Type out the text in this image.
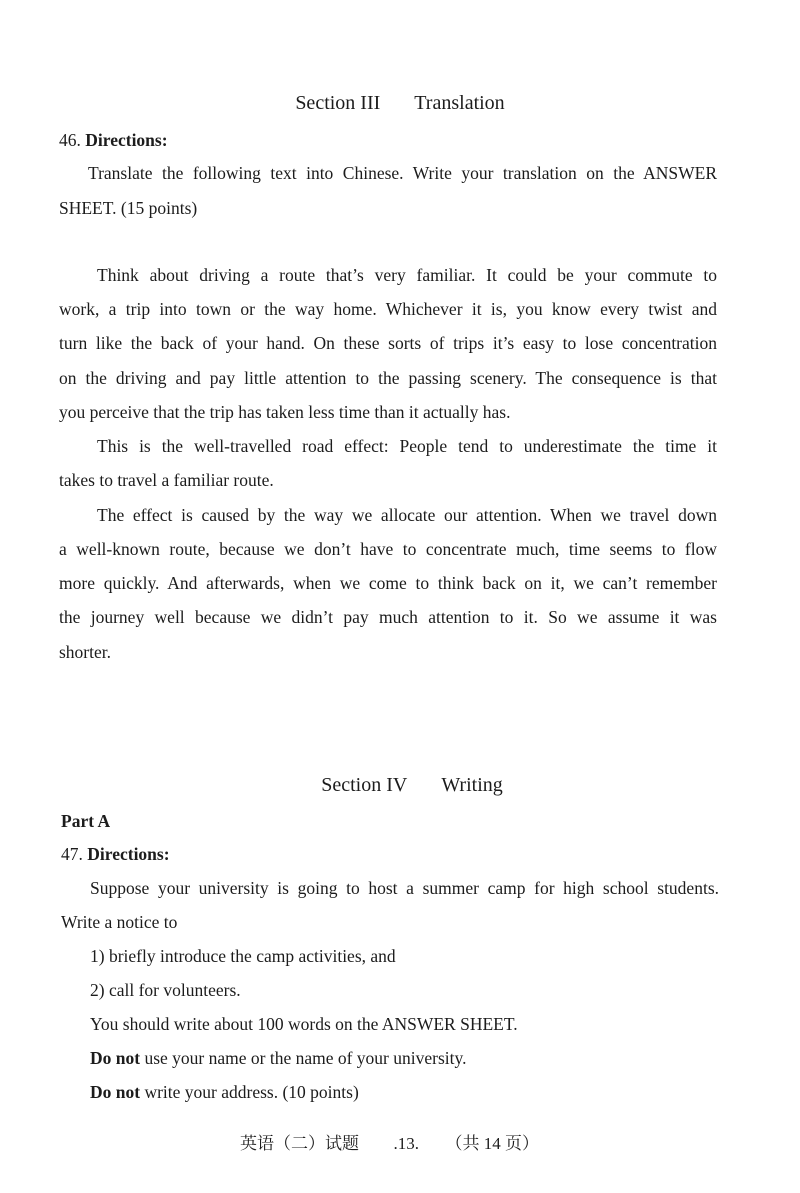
Section III Translation
46. Directions:
Translate the following text into Chinese. Write your translation on the ANSWER
SHEET. (15 points)
Think about driving a route that’s very familiar. It could be your commute to
work, a trip into town or the way home. Whichever it is, you know every twist and
turn like the back of your hand. On these sorts of trips it’s easy to lose concentration
on the driving and pay little attention to the passing scenery. The consequence is that
you perceive that the trip has taken less time than it actually has.
This is the well-travelled road effect: People tend to underestimate the time it
takes to travel a familiar route.
The effect is caused by the way we allocate our attention. When we travel down
a well-known route, because we don’t have to concentrate much, time seems to flow
more quickly. And afterwards, when we come to think back on it, we can’t remember
the journey well because we didn’t pay much attention to it. So we assume it was
shorter.
Section IV Writing
Part A
47. Directions:
Suppose your university is going to host a summer camp for high school students.
Write a notice to
1) briefly introduce the camp activities, and
2) call for volunteers.
You should write about 100 words on the ANSWER SHEET.
Do not use your name or the name of your university.
Do not write your address. (10 points)
英语（二）试题 .13. （共 14 页）
